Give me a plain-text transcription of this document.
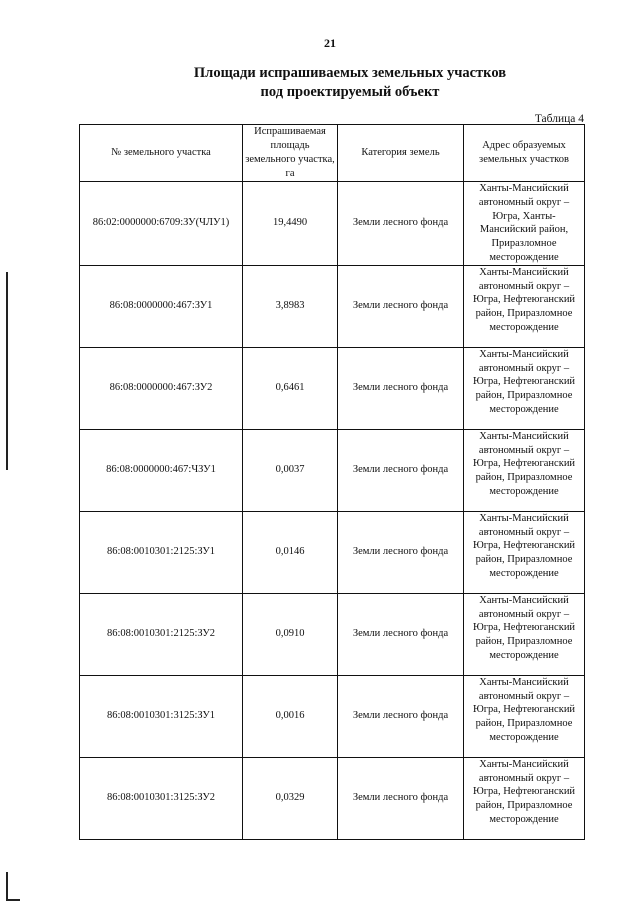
21
Площади испрашиваемых земельных участков
под проектируемый объект
Таблица 4
№ земельного участка	Испрашиваемая площадь земельного участка, га	Категория земель	Адрес образуемых земельных участков
86:02:0000000:6709:ЗУ(ЧЛУ1)	19,4490	Земли лесного фонда	Ханты-Мансийский автономный округ – Югра, Ханты-Мансийский район, Приразломное месторождение
86:08:0000000:467:ЗУ1	3,8983	Земли лесного фонда	Ханты-Мансийский автономный округ – Югра, Нефтеюганский район, Приразломное месторождение
86:08:0000000:467:ЗУ2	0,6461	Земли лесного фонда	Ханты-Мансийский автономный округ – Югра, Нефтеюганский район, Приразломное месторождение
86:08:0000000:467:ЧЗУ1	0,0037	Земли лесного фонда	Ханты-Мансийский автономный округ – Югра, Нефтеюганский район, Приразломное месторождение
86:08:0010301:2125:ЗУ1	0,0146	Земли лесного фонда	Ханты-Мансийский автономный округ – Югра, Нефтеюганский район, Приразломное месторождение
86:08:0010301:2125:ЗУ2	0,0910	Земли лесного фонда	Ханты-Мансийский автономный округ – Югра, Нефтеюганский район, Приразломное месторождение
86:08:0010301:3125:ЗУ1	0,0016	Земли лесного фонда	Ханты-Мансийский автономный округ – Югра, Нефтеюганский район, Приразломное месторождение
86:08:0010301:3125:ЗУ2	0,0329	Земли лесного фонда	Ханты-Мансийский автономный округ – Югра, Нефтеюганский район, Приразломное месторождение
